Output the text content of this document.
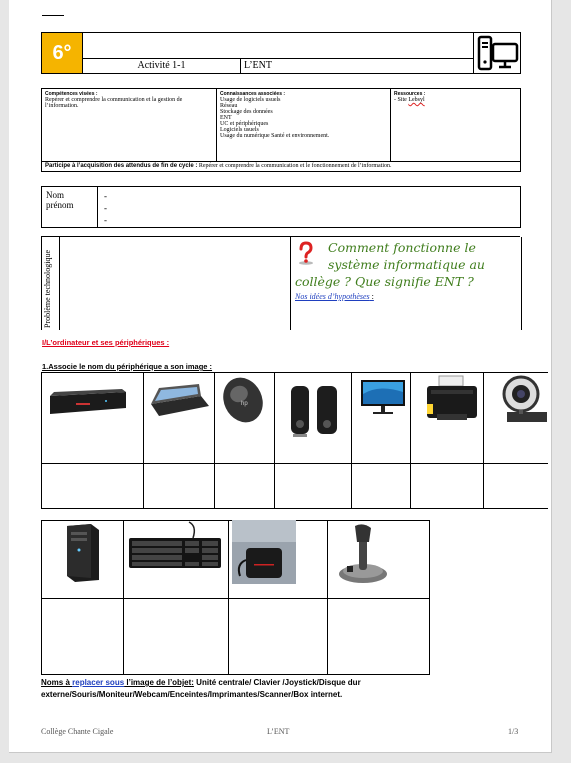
6°
Activité 1-1	L’ENT
Compétences visées :
Repérer et comprendre la communication et la gestion de l’information.
Connaissances associées :
Usage de logiciels usuels
Réseau
Stockage des données
ENT
UC et périphériques
Logiciels usuels
Usage du numérique Santé et environnement.
Ressources :
- Site Lebsyl
Participe à l’acquisition des attendus de fin de cycle : Repérer et comprendre la communication et le fonctionnement de l’information.
Nom prénom
-
-
-
Problème technologique
Comment fonctionne le
système informatique au
collège ? Que signifie ENT ?
Nos idées d’hypothèses :
I/L’ordinateur et ses périphériques :
1.Associe le nom du périphérique a son image :

hp

Noms à replacer sous l’image de l’objet: Unité centrale/ Clavier /Joystick/Disque dur externe/Souris/Moniteur/Webcam/Enceintes/Imprimantes/Scanner/Box internet.
Collège Chante Cigale	L’ENT	1/3
